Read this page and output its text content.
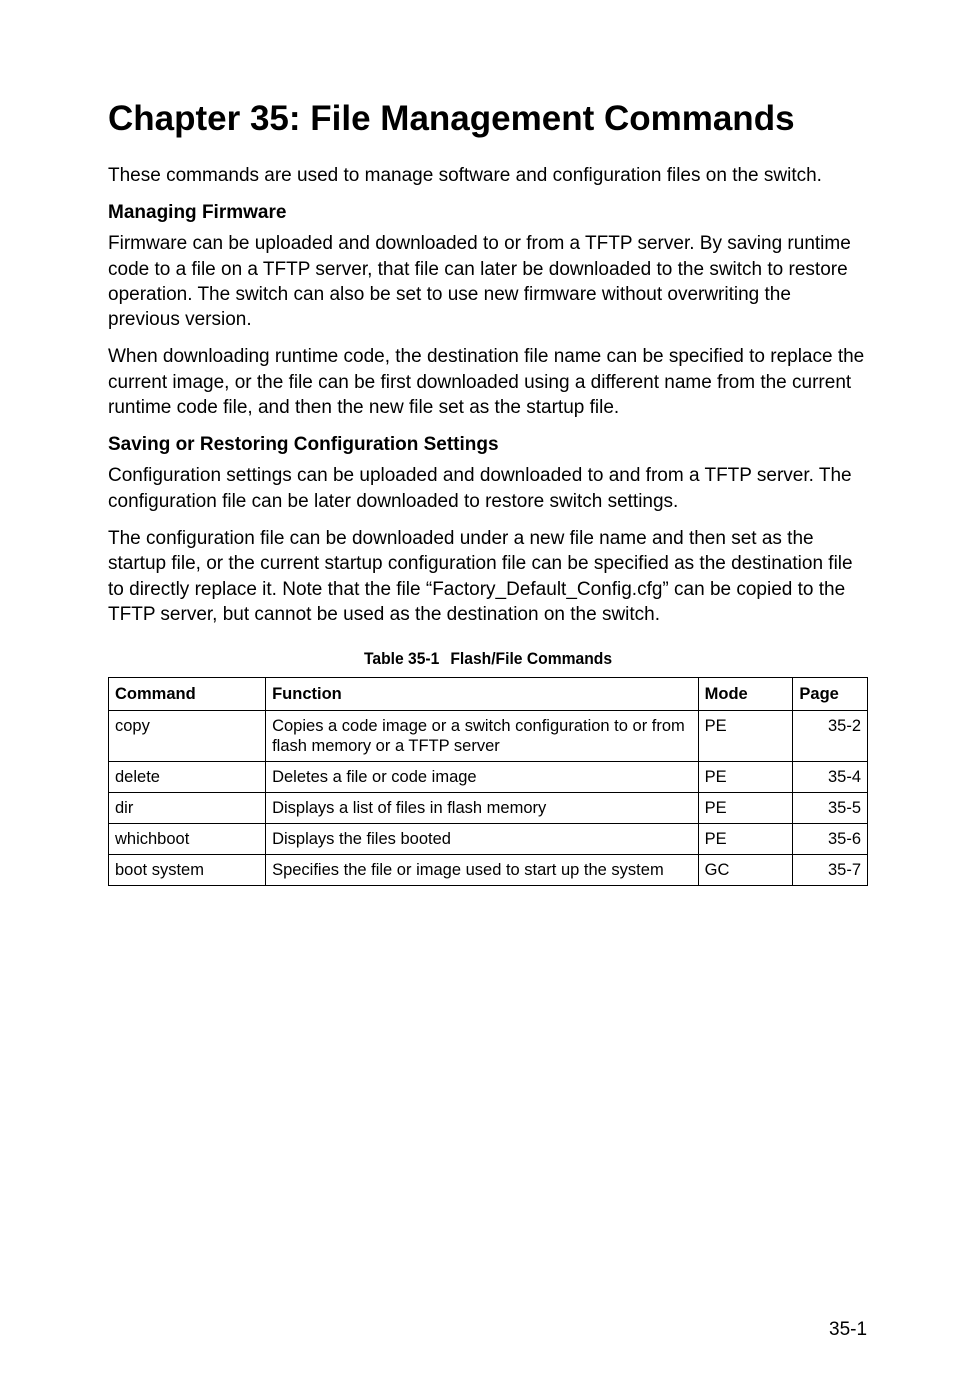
Chapter 35: File Management Commands

These commands are used to manage software and configuration files on the switch.

Managing Firmware

Firmware can be uploaded and downloaded to or from a TFTP server. By saving runtime code to a file on a TFTP server, that file can later be downloaded to the switch to restore operation. The switch can also be set to use new firmware without overwriting the previous version.

When downloading runtime code, the destination file name can be specified to replace the current image, or the file can be first downloaded using a different name from the current runtime code file, and then the new file set as the startup file.

Saving or Restoring Configuration Settings

Configuration settings can be uploaded and downloaded to and from a TFTP server. The configuration file can be later downloaded to restore switch settings.

The configuration file can be downloaded under a new file name and then set as the startup file, or the current startup configuration file can be specified as the destination file to directly replace it. Note that the file “Factory_Default_Config.cfg” can be copied to the TFTP server, but cannot be used as the destination on the switch.

Table 35-1 Flash/File Commands
Command	Function	Mode	Page
copy	Copies a code image or a switch configuration to or from flash memory or a TFTP server	PE	35-2
delete	Deletes a file or code image	PE	35-4
dir	Displays a list of files in flash memory	PE	35-5
whichboot	Displays the files booted	PE	35-6
boot system	Specifies the file or image used to start up the system	GC	35-7
35-1
